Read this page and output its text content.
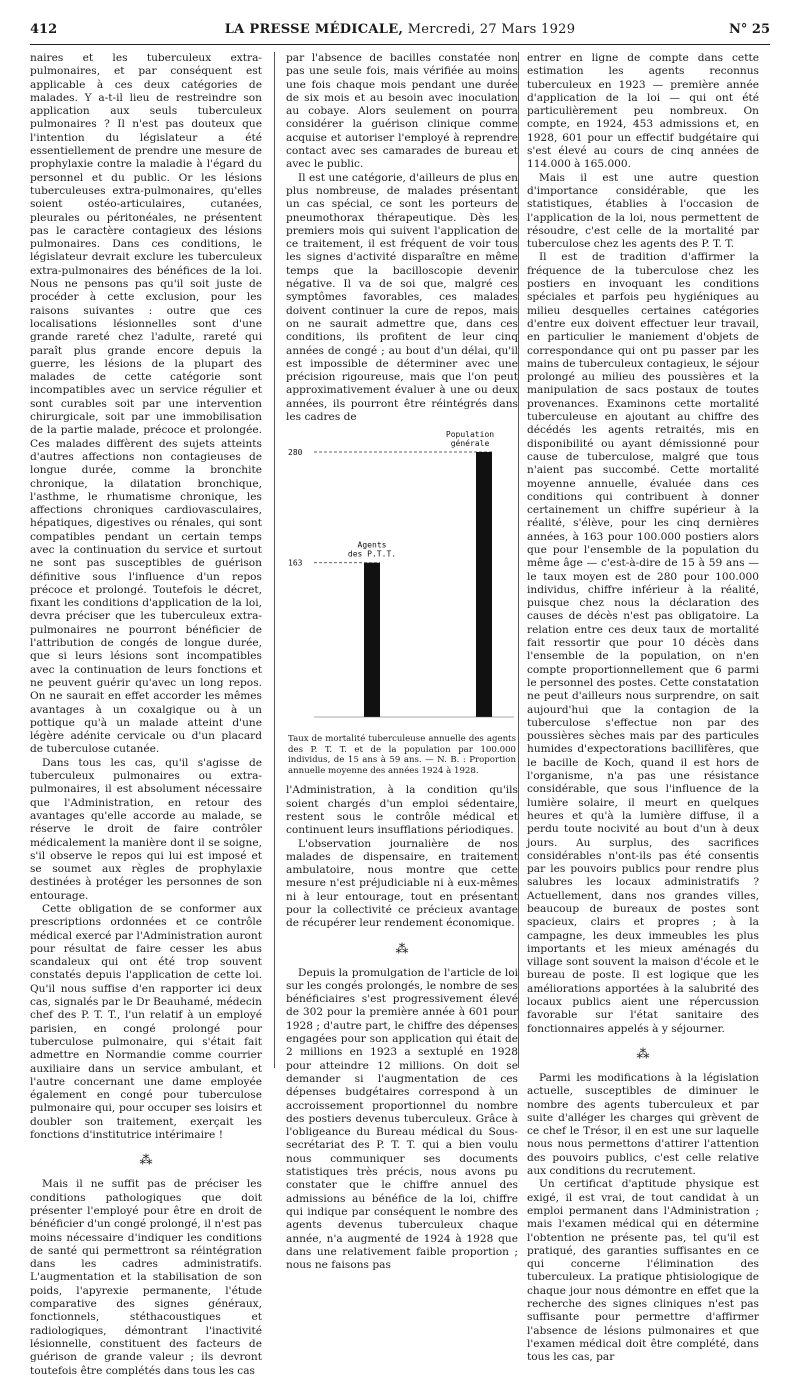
412	LA PRESSE MÉDICALE, Mercredi, 27 Mars 1929	N° 25

naires et les tuberculeux extra-pulmonaires, et par conséquent est applicable à ces deux catégories de malades. Y a-t-il lieu de restreindre son application aux seuls tuberculeux pulmonaires ? Il n'est pas douteux que l'intention du législateur a été essentiellement de prendre une mesure de prophylaxie contre la maladie à l'égard du personnel et du public. Or les lésions tuberculeuses extra-pulmonaires, qu'elles soient ostéo-articulaires, cutanées, pleurales ou péritonéales, ne présentent pas le caractère contagieux des lésions pulmonaires. Dans ces conditions, le législateur devrait exclure les tuberculeux extra-pulmonaires des bénéfices de la loi. Nous ne pensons pas qu'il soit juste de procéder à cette exclusion, pour les raisons suivantes : outre que ces localisations lésionnelles sont d'une grande rareté chez l'adulte, rareté qui paraît plus grande encore depuis la guerre, les lésions de la plupart des malades de cette catégorie sont incompatibles avec un service régulier et sont curables soit par une intervention chirurgicale, soit par une immobilisation de la partie malade, précoce et prolongée. Ces malades diffèrent des sujets atteints d'autres affections non contagieuses de longue durée, comme la bronchite chronique, la dilatation bronchique, l'asthme, le rhumatisme chronique, les affections chroniques cardiovasculaires, hépatiques, digestives ou rénales, qui sont compatibles pendant un certain temps avec la continuation du service et surtout ne sont pas susceptibles de guérison définitive sous l'influence d'un repos précoce et prolongé. Toutefois le décret, fixant les conditions d'application de la loi, devra préciser que les tuberculeux extra-pulmonaires ne pourront bénéficier de l'attribution de congés de longue durée, que si leurs lésions sont incompatibles avec la continuation de leurs fonctions et ne peuvent guérir qu'avec un long repos. On ne saurait en effet accorder les mêmes avantages à un coxalgique ou à un pottique qu'à un malade atteint d'une légère adénite cervicale ou d'un placard de tuberculose cutanée.

Dans tous les cas, qu'il s'agisse de tuberculeux pulmonaires ou extra-pulmonaires, il est absolument nécessaire que l'Administration, en retour des avantages qu'elle accorde au malade, se réserve le droit de faire contrôler médicalement la manière dont il se soigne, s'il observe le repos qui lui est imposé et se soumet aux règles de prophylaxie destinées à protéger les personnes de son entourage.

Cette obligation de se conformer aux prescriptions ordonnées et ce contrôle médical exercé par l'Administration auront pour résultat de faire cesser les abus scandaleux qui ont été trop souvent constatés depuis l'application de cette loi. Qu'il nous suffise d'en rapporter ici deux cas, signalés par le Dr Beauhamé, médecin chef des P. T. T., l'un relatif à un employé parisien, en congé prolongé pour tuberculose pulmonaire, qui s'était fait admettre en Normandie comme courrier auxiliaire dans un service ambulant, et l'autre concernant une dame employée également en congé pour tuberculose pulmonaire qui, pour occuper ses loisirs et doubler son traitement, exerçait les fonctions d'institutrice intérimaire !

⁂

Mais il ne suffit pas de préciser les conditions pathologiques que doit présenter l'employé pour être en droit de bénéficier d'un congé prolongé, il n'est pas moins nécessaire d'indiquer les conditions de santé qui permettront sa réintégration dans les cadres administratifs. L'augmentation et la stabilisation de son poids, l'apyrexie permanente, l'étude comparative des signes généraux, fonctionnels, stéthacoustiques et radiologiques, démontrant l'inactivité lésionnelle, constituent des facteurs de guérison de grande valeur ; ils devront toutefois être complétés dans tous les cas

par l'absence de bacilles constatée non pas une seule fois, mais vérifiée au moins une fois chaque mois pendant une durée de six mois et au besoin avec inoculation au cobaye. Alors seulement on pourra considérer la guérison clinique comme acquise et autoriser l'employé à reprendre contact avec ses camarades de bureau et avec le public.

Il est une catégorie, d'ailleurs de plus en plus nombreuse, de malades présentant un cas spécial, ce sont les porteurs de pneumothorax thérapeutique. Dès les premiers mois qui suivent l'application de ce traitement, il est fréquent de voir tous les signes d'activité disparaître en même temps que la bacilloscopie devenir négative. Il va de soi que, malgré ces symptômes favorables, ces malades doivent continuer la cure de repos, mais on ne saurait admettre que, dans ces conditions, ils profitent de leur cinq années de congé ; au bout d'un délai, qu'il est impossible de déterminer avec une précision rigoureuse, mais que l'on peut approximativement évaluer à une ou deux années, ils pourront être réintégrés dans les cadres de

163
Agents
des P.T.T.
280
Population
générale
Taux de mortalité tuberculeuse annuelle des agents des P. T. T. et de la population par 100.000 individus, de 15 ans à 59 ans. — N. B. : Proportion annuelle moyenne des années 1924 à 1928.

l'Administration, à la condition qu'ils soient chargés d'un emploi sédentaire, restent sous le contrôle médical et continuent leurs insufflations périodiques.

L'observation journalière de nos malades de dispensaire, en traitement ambulatoire, nous montre que cette mesure n'est préjudiciable ni à eux-mêmes ni à leur entourage, tout en présentant pour la collectivité ce précieux avantage de récupérer leur rendement économique.

⁂

Depuis la promulgation de l'article de loi sur les congés prolongés, le nombre de ses bénéficiaires s'est progressivement élevé de 302 pour la première année à 601 pour 1928 ; d'autre part, le chiffre des dépenses engagées pour son application qui était de 2 millions en 1923 a sextuplé en 1928 pour atteindre 12 millions. On doit se demander si l'augmentation de ces dépenses budgétaires correspond à un accroissement proportionnel du nombre des postiers devenus tuberculeux. Grâce à l'obligeance du Bureau médical du Sous-secrétariat des P. T. T. qui a bien voulu nous communiquer ses documents statistiques très précis, nous avons pu constater que le chiffre annuel des admissions au bénéfice de la loi, chiffre qui indique par conséquent le nombre des agents devenus tuberculeux chaque année, n'a augmenté de 1924 à 1928 que dans une relativement faible proportion ; nous ne faisons pas

entrer en ligne de compte dans cette estimation les agents reconnus tuberculeux en 1923 — première année d'application de la loi — qui ont été particulièrement peu nombreux. On compte, en 1924, 453 admissions et, en 1928, 601 pour un effectif budgétaire qui s'est élevé au cours de cinq années de 114.000 à 165.000.

Mais il est une autre question d'importance considérable, que les statistiques, établies à l'occasion de l'application de la loi, nous permettent de résoudre, c'est celle de la mortalité par tuberculose chez les agents des P. T. T.

Il est de tradition d'affirmer la fréquence de la tuberculose chez les postiers en invoquant les conditions spéciales et parfois peu hygiéniques au milieu desquelles certaines catégories d'entre eux doivent effectuer leur travail, en particulier le maniement d'objets de correspondance qui ont pu passer par les mains de tuberculeux contagieux, le séjour prolongé au milieu des poussières et la manipulation de sacs postaux de toutes provenances. Examinons cette mortalité tuberculeuse en ajoutant au chiffre des décédés les agents retraités, mis en disponibilité ou ayant démissionné pour cause de tuberculose, malgré que tous n'aient pas succombé. Cette mortalité moyenne annuelle, évaluée dans ces conditions qui contribuent à donner certainement un chiffre supérieur à la réalité, s'élève, pour les cinq dernières années, à 163 pour 100.000 postiers alors que pour l'ensemble de la population du même âge — c'est-à-dire de 15 à 59 ans — le taux moyen est de 280 pour 100.000 individus, chiffre inférieur à la réalité, puisque chez nous la déclaration des causes de décès n'est pas obligatoire. La relation entre ces deux taux de mortalité fait ressortir que pour 10 décès dans l'ensemble de la population, on n'en compte proportionnellement que 6 parmi le personnel des postes. Cette constatation ne peut d'ailleurs nous surprendre, on sait aujourd'hui que la contagion de la tuberculose s'effectue non par des poussières sèches mais par des particules humides d'expectorations bacillifères, que le bacille de Koch, quand il est hors de l'organisme, n'a pas une résistance considérable, que sous l'influence de la lumière solaire, il meurt en quelques heures et qu'à la lumière diffuse, il a perdu toute nocivité au bout d'un à deux jours. Au surplus, des sacrifices considérables n'ont-ils pas été consentis par les pouvoirs publics pour rendre plus salubres les locaux administratifs ? Actuellement, dans nos grandes villes, beaucoup de bureaux de postes sont spacieux, clairs et propres ; à la campagne, les deux immeubles les plus importants et les mieux aménagés du village sont souvent la maison d'école et le bureau de poste. Il est logique que les améliorations apportées à la salubrité des locaux publics aient une répercussion favorable sur l'état sanitaire des fonctionnaires appelés à y séjourner.

⁂

Parmi les modifications à la législation actuelle, susceptibles de diminuer le nombre des agents tuberculeux et par suite d'alléger les charges qui grèvent de ce chef le Trésor, il en est une sur laquelle nous nous permettons d'attirer l'attention des pouvoirs publics, c'est celle relative aux conditions du recrutement.

Un certificat d'aptitude physique est exigé, il est vrai, de tout candidat à un emploi permanent dans l'Administration ; mais l'examen médical qui en détermine l'obtention ne présente pas, tel qu'il est pratiqué, des garanties suffisantes en ce qui concerne l'élimination des tuberculeux. La pratique phtisiologique de chaque jour nous démontre en effet que la recherche des signes cliniques n'est pas suffisante pour permettre d'affirmer l'absence de lésions pulmonaires et que l'examen médical doit être complété, dans tous les cas, par
